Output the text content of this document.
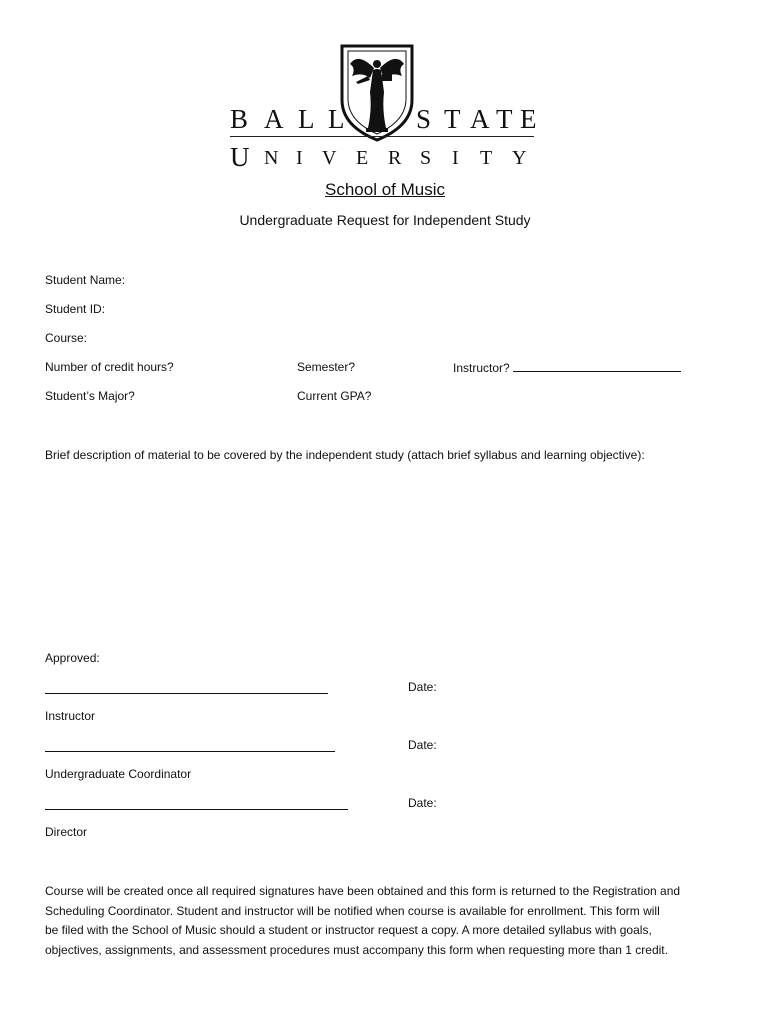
B A L L	S T A T E
U N I V E R S I T Y
School of Music
Undergraduate Request for Independent Study
Student Name:
Student ID:
Course:
Number of credit hours?	Semester?	Instructor?
Student’s Major?	Current GPA?
Brief description of material to be covered by the independent study (attach brief syllabus and learning objective):
Approved:
Date:
Instructor
Date:
Undergraduate Coordinator
Date:
Director
Course will be created once all required signatures have been obtained and this form is returned to the Registration and
Scheduling Coordinator. Student and instructor will be notified when course is available for enrollment. This form will
be filed with the School of Music should a student or instructor request a copy. A more detailed syllabus with goals,
objectives, assignments, and assessment procedures must accompany this form when requesting more than 1 credit.
